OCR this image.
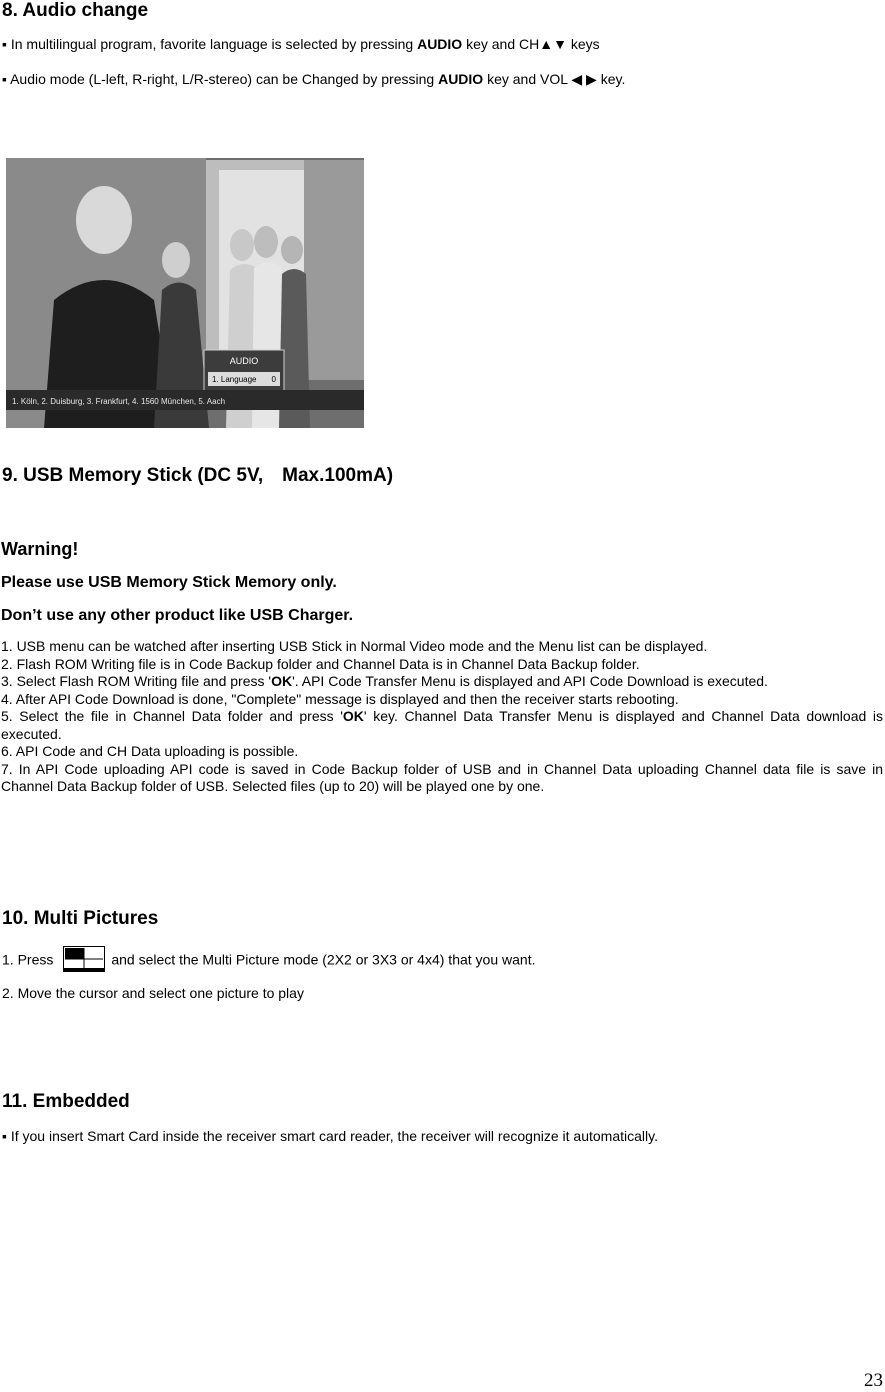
8. Audio change
▪ In multilingual program, favorite language is selected by pressing AUDIO key and CH▲▼ keys
▪ Audio mode (L-left, R-right, L/R-stereo) can be Changed by pressing AUDIO key and VOL ◀ ▶ key.
AUDIO
1. Language 0
1. Köln, 2. Duisburg, 3. Frankfurt, 4. 1560 München, 5. Aach
9. USB Memory Stick (DC 5V,　Max.100mA)
Warning!
Please use USB Memory Stick Memory only.
Don’t use any other product like USB Charger.
1. USB menu can be watched after inserting USB Stick in Normal Video mode and the Menu list can be displayed.
2. Flash ROM Writing file is in Code Backup folder and Channel Data is in Channel Data Backup folder.
3. Select Flash ROM Writing file and press 'OK'. API Code Transfer Menu is displayed and API Code Download is executed.
4. After API Code Download is done, "Complete" message is displayed and then the receiver starts rebooting.
5. Select the file in Channel Data folder and press 'OK' key. Channel Data Transfer Menu is displayed and Channel Data download is executed.
6. API Code and CH Data uploading is possible.
7. In API Code uploading API code is saved in Code Backup folder of USB and in Channel Data uploading Channel data file is save in Channel Data Backup folder of USB. Selected files (up to 20) will be played one by one.
10. Multi Pictures
1. Press	and select the Multi Picture mode (2X2 or 3X3 or 4x4) that you want.
2. Move the cursor and select one picture to play
11. Embedded
▪ If you insert Smart Card inside the receiver smart card reader, the receiver will recognize it automatically.
23
